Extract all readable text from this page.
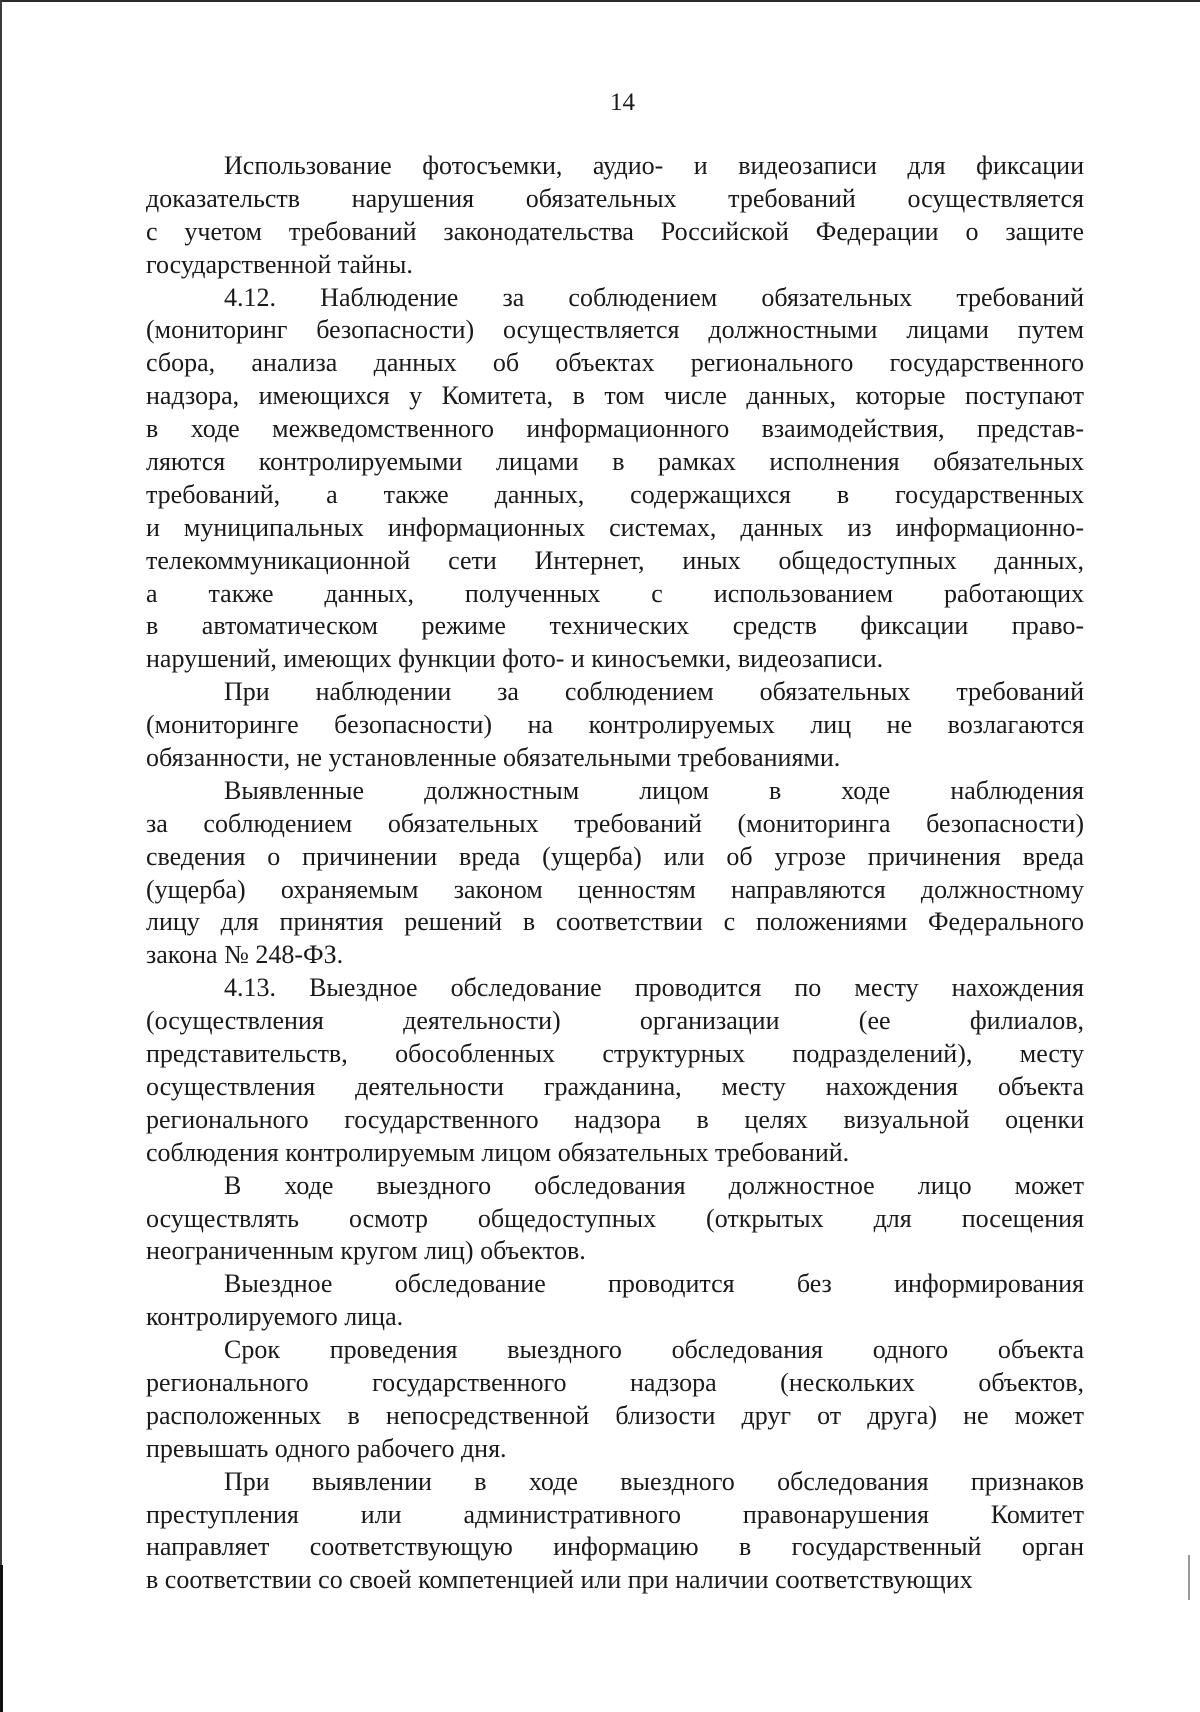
14
Использование фотосъемки, аудио- и видеозаписи для фиксации
доказательств нарушения обязательных требований осуществляется
с учетом требований законодательства Российской Федерации о защите
государственной тайны.
4.12. Наблюдение за соблюдением обязательных требований
(мониторинг безопасности) осуществляется должностными лицами путем
сбора, анализа данных об объектах регионального государственного
надзора, имеющихся у Комитета, в том числе данных, которые поступают
в ходе межведомственного информационного взаимодействия, представ-
ляются контролируемыми лицами в рамках исполнения обязательных
требований, а также данных, содержащихся в государственных
и муниципальных информационных системах, данных из информационно-
телекоммуникационной сети Интернет, иных общедоступных данных,
а также данных, полученных с использованием работающих
в автоматическом режиме технических средств фиксации право-
нарушений, имеющих функции фото- и киносъемки, видеозаписи.
При наблюдении за соблюдением обязательных требований
(мониторинге безопасности) на контролируемых лиц не возлагаются
обязанности, не установленные обязательными требованиями.
Выявленные должностным лицом в ходе наблюдения
за соблюдением обязательных требований (мониторинга безопасности)
сведения о причинении вреда (ущерба) или об угрозе причинения вреда
(ущерба) охраняемым законом ценностям направляются должностному
лицу для принятия решений в соответствии с положениями Федерального
закона № 248-ФЗ.
4.13. Выездное обследование проводится по месту нахождения
(осуществления деятельности) организации (ее филиалов,
представительств, обособленных структурных подразделений), месту
осуществления деятельности гражданина, месту нахождения объекта
регионального государственного надзора в целях визуальной оценки
соблюдения контролируемым лицом обязательных требований.
В ходе выездного обследования должностное лицо может
осуществлять осмотр общедоступных (открытых для посещения
неограниченным кругом лиц) объектов.
Выездное обследование проводится без информирования
контролируемого лица.
Срок проведения выездного обследования одного объекта
регионального государственного надзора (нескольких объектов,
расположенных в непосредственной близости друг от друга) не может
превышать одного рабочего дня.
При выявлении в ходе выездного обследования признаков
преступления или административного правонарушения Комитет
направляет соответствующую информацию в государственный орган
в соответствии со своей компетенцией или при наличии соответствующих
